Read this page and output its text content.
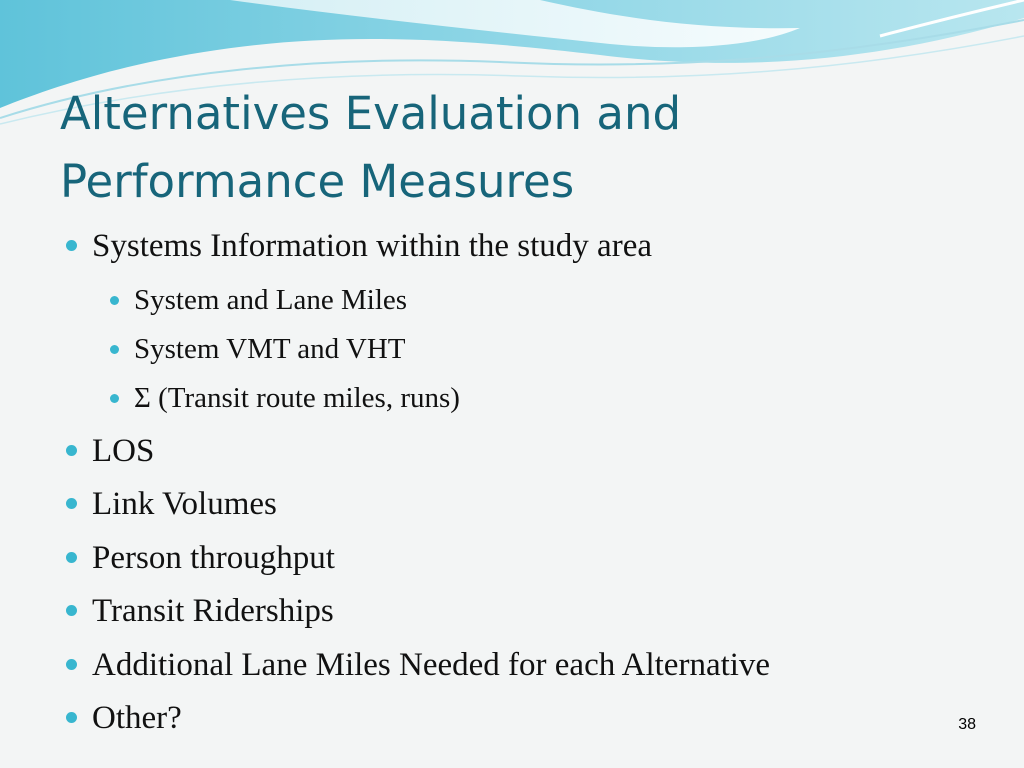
Alternatives Evaluation and
Performance Measures
Systems Information within the study area
System and Lane Miles
System VMT and VHT
Σ (Transit route miles, runs)
LOS
Link Volumes
Person throughput
Transit Riderships
Additional Lane Miles Needed for each Alternative
Other?	38
